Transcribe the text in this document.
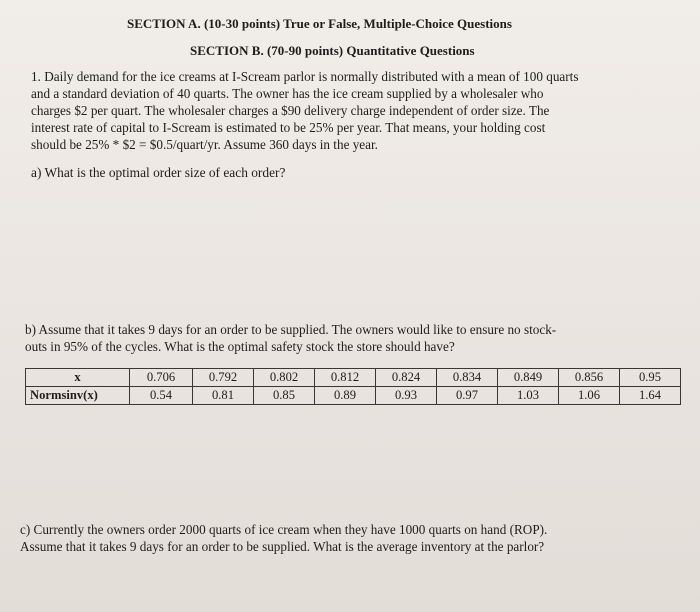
SECTION A. (10-30 points) True or False, Multiple-Choice Questions
SECTION B. (70-90 points) Quantitative Questions
1. Daily demand for the ice creams at I-Scream parlor is normally distributed with a mean of 100 quarts
and a standard deviation of 40 quarts. The owner has the ice cream supplied by a wholesaler who
charges $2 per quart. The wholesaler charges a $90 delivery charge independent of order size. The
interest rate of capital to I-Scream is estimated to be 25% per year. That means, your holding cost
should be 25% * $2 = $0.5/quart/yr. Assume 360 days in the year.
a) What is the optimal order size of each order?
b) Assume that it takes 9 days for an order to be supplied. The owners would like to ensure no stock-
outs in 95% of the cycles. What is the optimal safety stock the store should have?
x	0.706	0.792	0.802	0.812	0.824	0.834	0.849	0.856	0.95
Normsinv(x)	0.54	0.81	0.85	0.89	0.93	0.97	1.03	1.06	1.64
c) Currently the owners order 2000 quarts of ice cream when they have 1000 quarts on hand (ROP).
Assume that it takes 9 days for an order to be supplied. What is the average inventory at the parlor?
